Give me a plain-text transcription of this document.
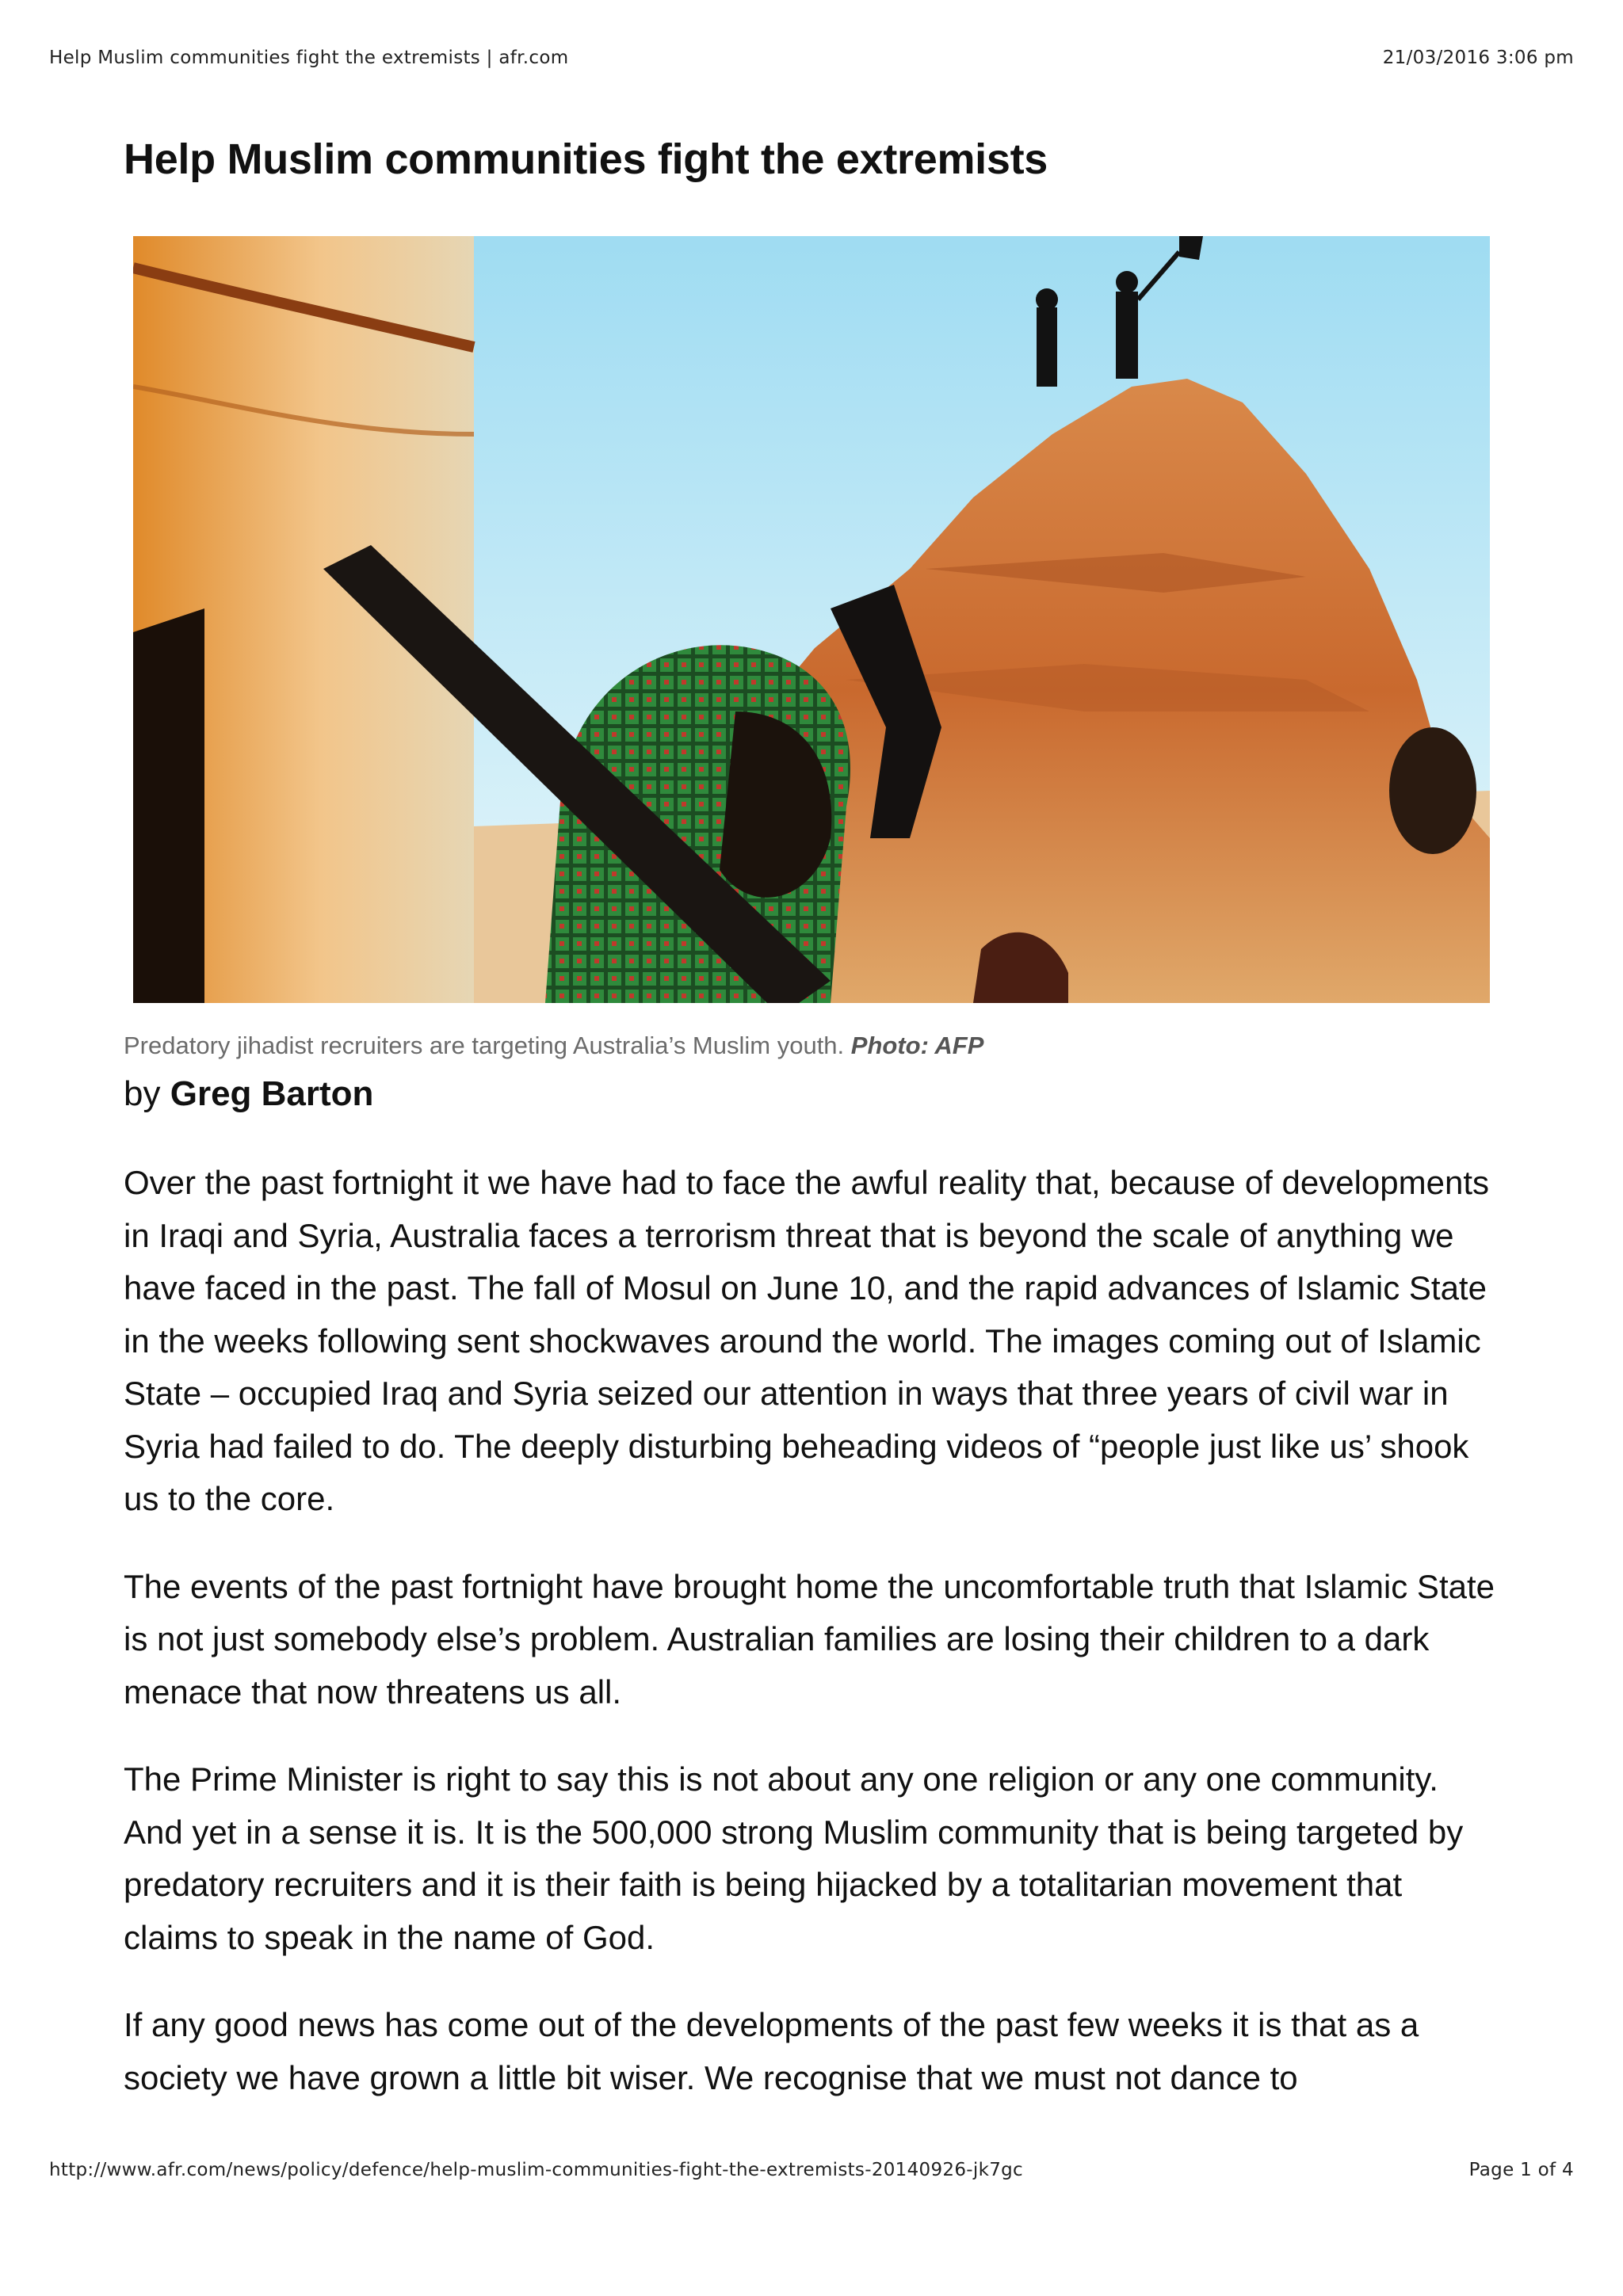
Help Muslim communities fight the extremists | afr.com	21/03/2016 3:06 pm
Help Muslim communities fight the extremists
Predatory jihadist recruiters are targeting Australia’s Muslim youth. Photo: AFP
by Greg Barton

Over the past fortnight it we have had to face the awful reality that, because of developments in Iraqi and Syria, Australia faces a terrorism threat that is beyond the scale of anything we have faced in the past. The fall of Mosul on June 10, and the rapid advances of Islamic State in the weeks following sent shockwaves around the world. The images coming out of Islamic State – occupied Iraq and Syria seized our attention in ways that three years of civil war in Syria had failed to do. The deeply disturbing beheading videos of “people just like us’ shook us to the core.

The events of the past fortnight have brought home the uncomfortable truth that Islamic State is not just somebody else’s problem. Australian families are losing their children to a dark menace that now threatens us all.

The Prime Minister is right to say this is not about any one religion or any one community. And yet in a sense it is. It is the 500,000 strong Muslim community that is being targeted by predatory recruiters and it is their faith is being hijacked by a totalitarian movement that claims to speak in the name of God.

If any good news has come out of the developments of the past few weeks it is that as a society we have grown a little bit wiser. We recognise that we must not dance to

http://www.afr.com/news/policy/defence/help-muslim-communities-fight-the-extremists-20140926-jk7gc	Page 1 of 4
